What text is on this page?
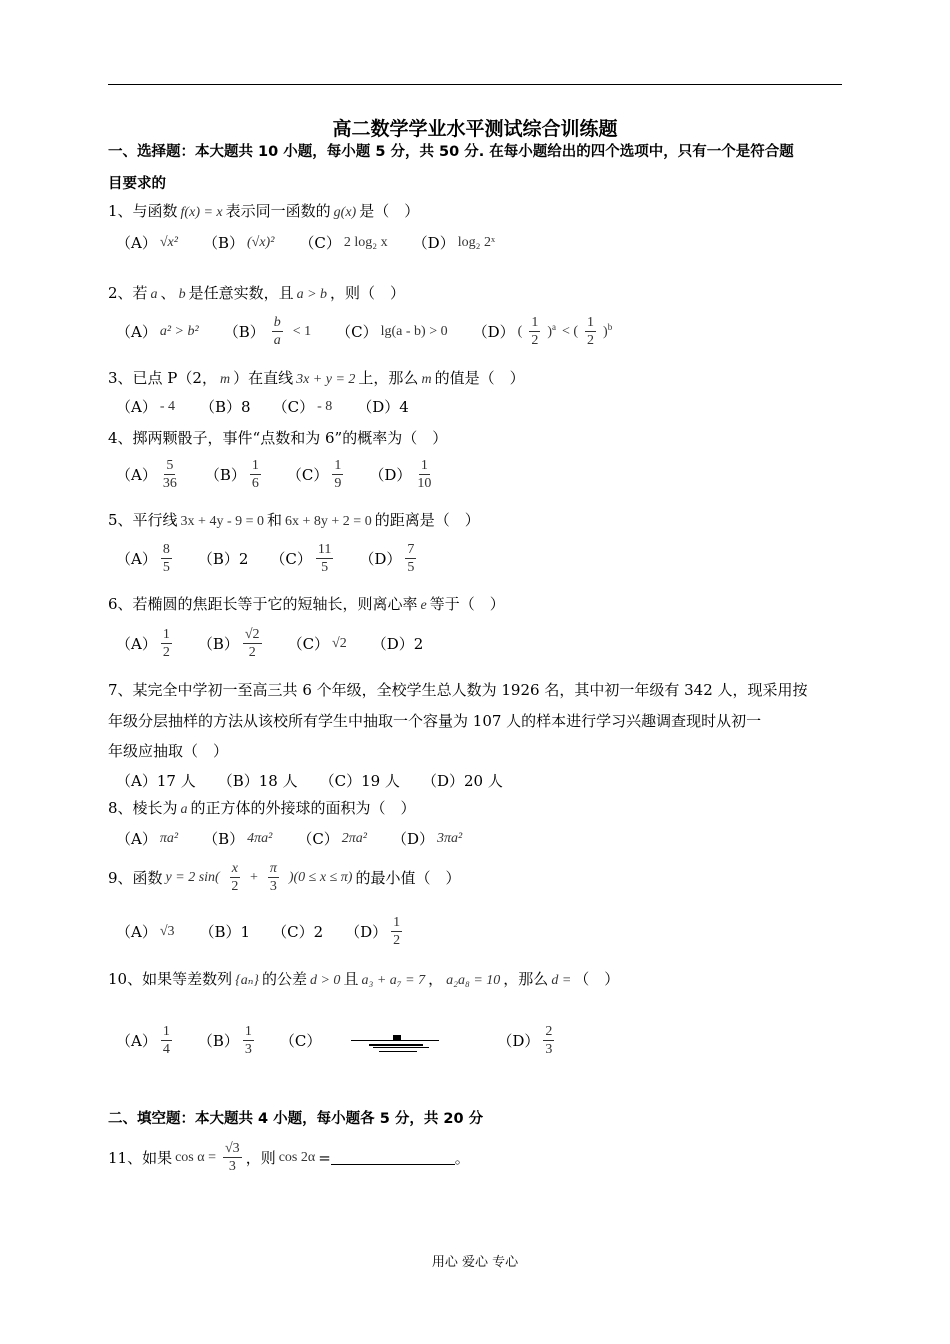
高二数学学业水平测试综合训练题
一、选择题：本大题共 10 小题，每小题 5 分，共 50 分. 在每小题给出的四个选项中，只有一个是符合题
目要求的
1、与函数 f(x) = x 表示同一函数的 g(x) 是（　）
（A） √x² （B） (√x)² （C） 2 log₂ x （D） log₂ 2ˣ
2、若 a 、 b 是任意实数，且 a > b ，则（　）
（A） a² > b² $(B) \frac{b}{a} < 1$ （C） lg(a - b) > 0 （D） ( $\frac{1}{2} )^a$ < ( $\frac{1}{2} )^b$
3、已点 P（2， m ）在直线 3x + y = 2 上，那么 m 的值是（　）
（A） - 4 （B）8 （C） - 8 （D）4
4、掷两颗骰子，事件“点数和为 6”的概率为（　）
$(A) \frac{5}{36} (B) \frac{1}{6} (C) \frac{1}{9} (D) \frac{1}{10}$
5、平行线 3x + 4y - 9 = 0 和 6x + 8y + 2 = 0 的距离是（　）
$(A) \frac{8}{5} (B)2$ $(C) \frac{11}{5} (D) \frac{7}{5}$
6、若椭圆的焦距长等于它的短轴长，则离心率 e 等于（　）
$(A) \frac{1}{2} (B) \frac{√2}{2} (C)$ √2 （D）2
7、某完全中学初一至高三共 6 个年级，全校学生总人数为 1926 名，其中初一年级有 342 人，现采用按
年级分层抽样的方法从该校所有学生中抽取一个容量为 107 人的样本进行学习兴趣调查现时从初一
年级应抽取（　）
（A）17 人 （B）18 人 （C）19 人 （D）20 人
8、棱长为 a 的正方体的外接球的面积为（　）
（A） πa² （B） 4πa² （C） 2πa² （D） 3πa²
9、函数 y = 2 $\sin( \frac{x}{2} + \frac{\pi}{3} )(0 \le x \le \pi)$ 的最小值（　）
（A） √3 （B）1 （C）2 $(D) \frac{1}{2}$
10、如果等差数列 {aₙ} 的公差 d > 0 且 a₃ + a₇ = 7 ， a₂a₈ = 10 ，那么 d = （　）
$(A) \frac{1}{4} (B) \frac{1}{3} (C)$	$(D) \frac{2}{3}$
二、填空题：本大题共 4 小题，每小题各 5 分，共 20 分
11、如果 $\cos \alpha = \frac{√3}{3}$ ，则 cos 2α =	。
用心 爱心 专心
